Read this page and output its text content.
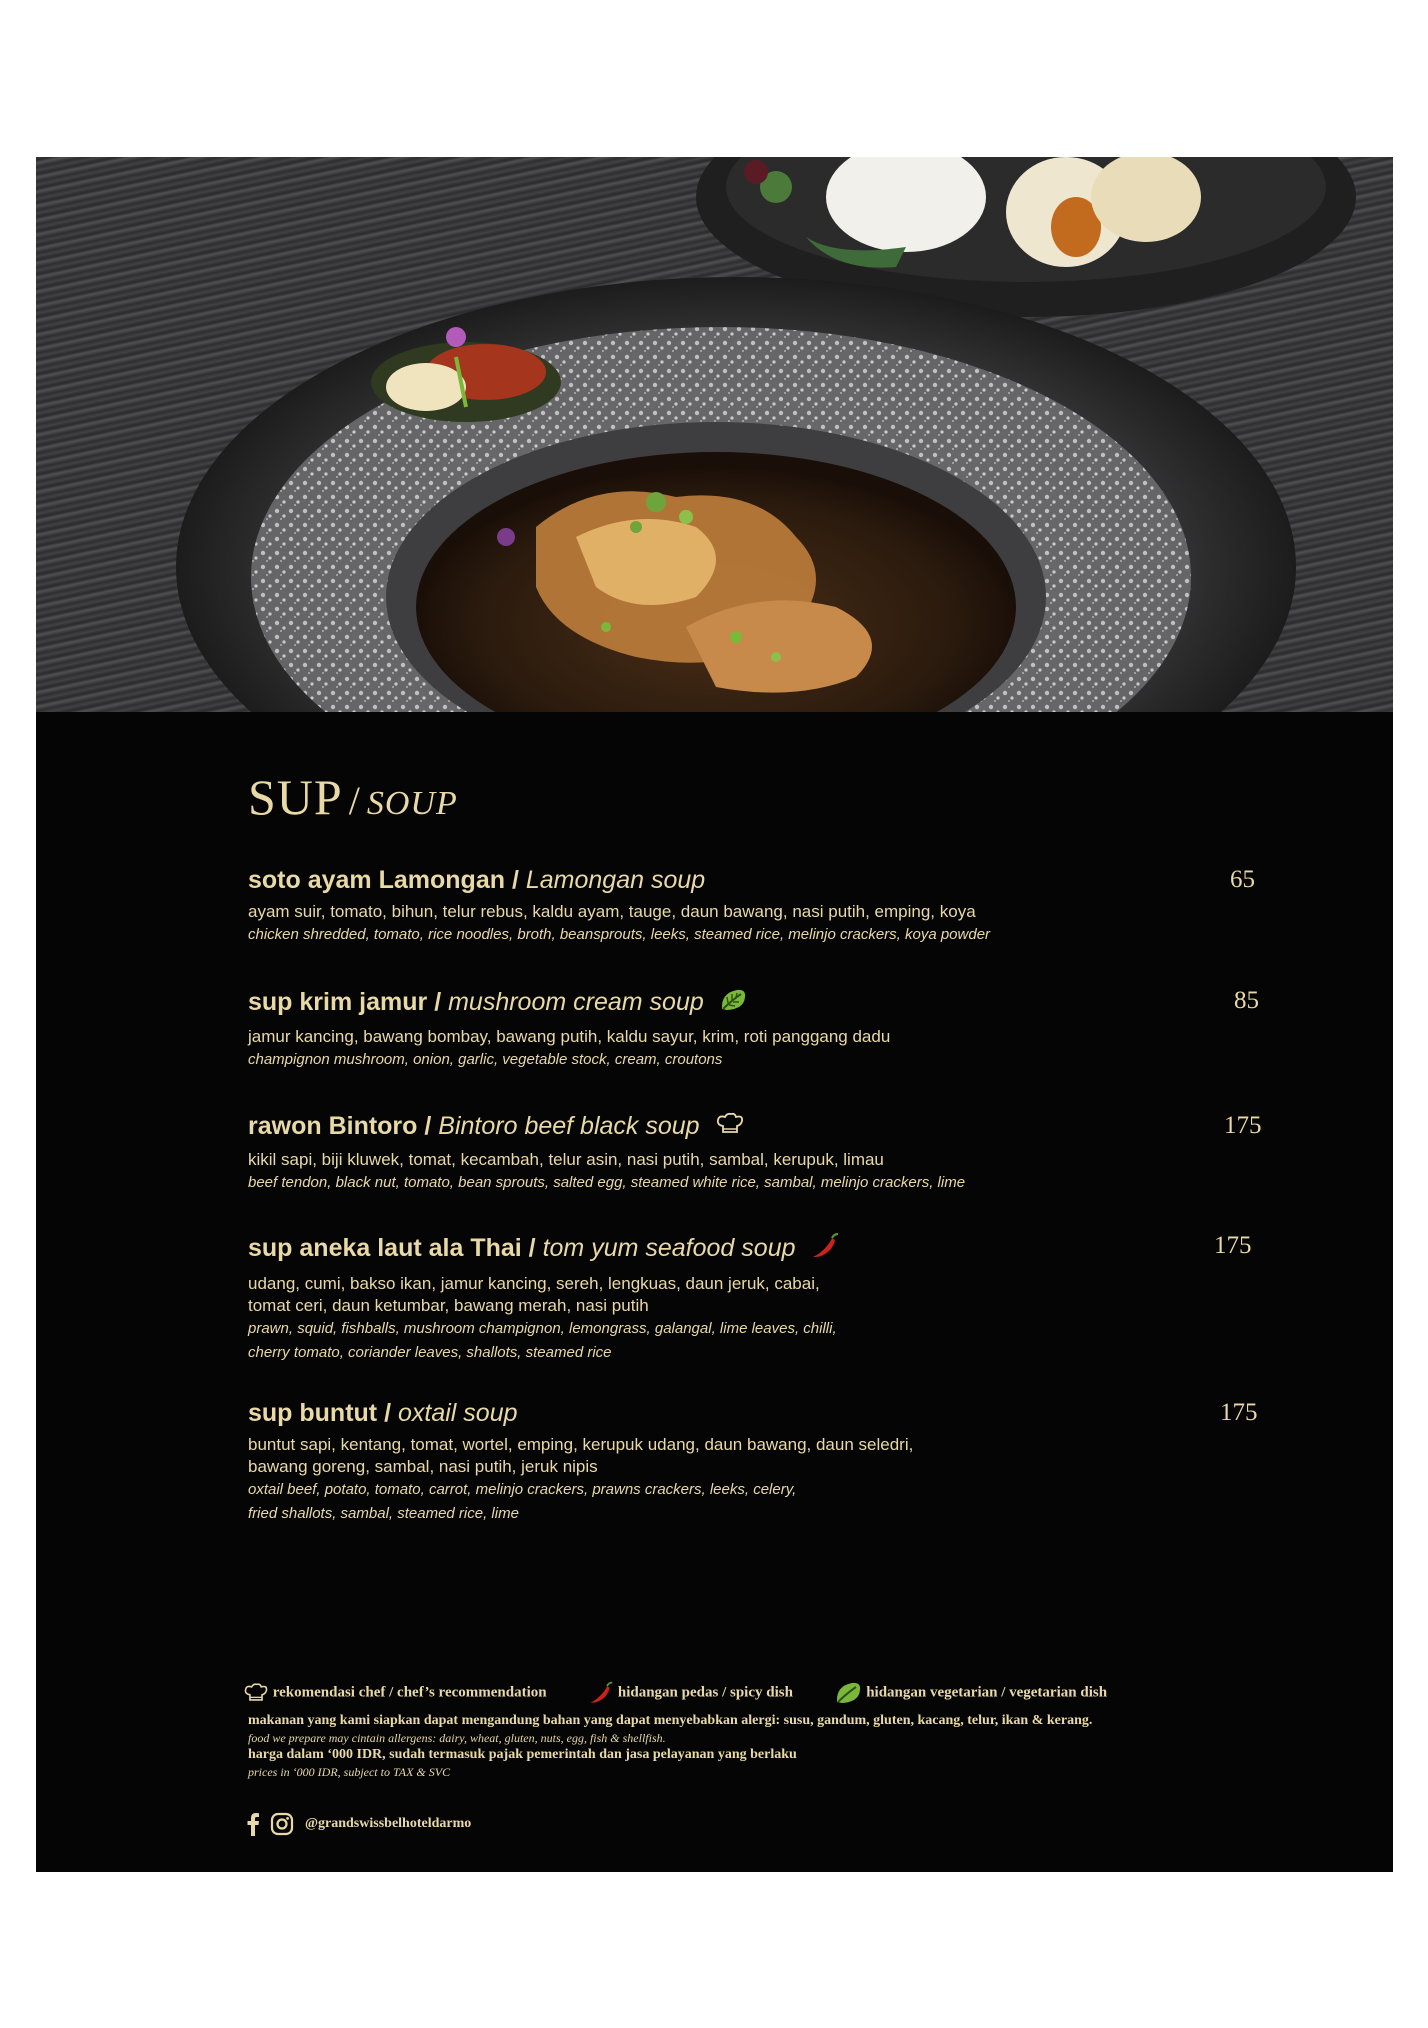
SUP / SOUP
soto ayam Lamongan / Lamongan soup	65
ayam suir, tomato, bihun, telur rebus, kaldu ayam, tauge, daun bawang, nasi putih, emping, koya
chicken shredded, tomato, rice noodles, broth, beansprouts, leeks, steamed rice, melinjo crackers, koya powder
sup krim jamur / mushroom cream soup	85
jamur kancing, bawang bombay, bawang putih, kaldu sayur, krim, roti panggang dadu
champignon mushroom, onion, garlic, vegetable stock, cream, croutons
rawon Bintoro / Bintoro beef black soup	175
kikil sapi, biji kluwek, tomat, kecambah, telur asin, nasi putih, sambal, kerupuk, limau
beef tendon, black nut, tomato, bean sprouts, salted egg, steamed white rice, sambal, melinjo crackers, lime
sup aneka laut ala Thai / tom yum seafood soup	175
udang, cumi, bakso ikan, jamur kancing, sereh, lengkuas, daun jeruk, cabai,
tomat ceri, daun ketumbar, bawang merah, nasi putih
prawn, squid, fishballs, mushroom champignon, lemongrass, galangal, lime leaves, chilli,
cherry tomato, coriander leaves, shallots, steamed rice
sup buntut / oxtail soup	175
buntut sapi, kentang, tomat, wortel, emping, kerupuk udang, daun bawang, daun seledri,
bawang goreng, sambal, nasi putih, jeruk nipis
oxtail beef, potato, tomato, carrot, melinjo crackers, prawns crackers, leeks, celery,
fried shallots, sambal, steamed rice, lime
rekomendasi chef / chef’s recommendation	hidangan pedas / spicy dish	hidangan vegetarian / vegetarian dish
makanan yang kami siapkan dapat mengandung bahan yang dapat menyebabkan alergi: susu, gandum, gluten, kacang, telur, ikan & kerang.
food we prepare may cintain allergens: dairy, wheat, gluten, nuts, egg, fish & shellfish.
harga dalam ‘000 IDR, sudah termasuk pajak pemerintah dan jasa pelayanan yang berlaku
prices in ‘000 IDR, subject to TAX & SVC
@grandswissbelhoteldarmo
